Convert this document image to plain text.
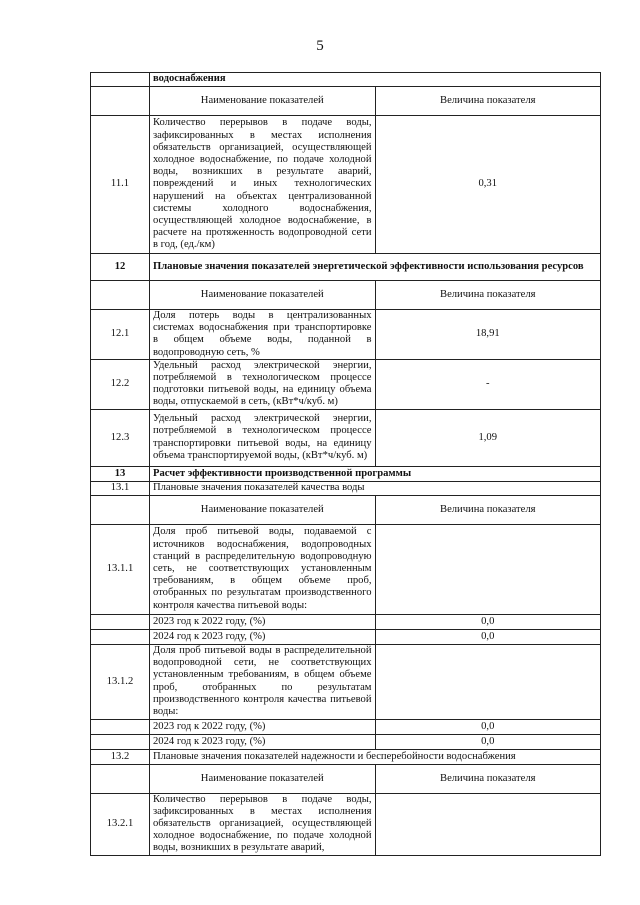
5
	водоснабжения	
	Наименование показателей	Величина показателя
11.1	Количество перерывов в подаче воды, зафиксированных в местах исполнения обязательств организацией, осуществляющей холодное водоснабжение, по подаче холодной воды, возникших в результате аварий, повреждений и иных технологических нарушений на объектах централизованной системы холодного водоснабжения, осуществляющей холодное водоснабжение, в расчете на протяженность водопроводной сети в год, (ед./км)	0,31
12	Плановые значения показателей энергетической эффективности использования ресурсов	
	Наименование показателей	Величина показателя
12.1	Доля потерь воды в централизованных системах водоснабжения при транспортировке в общем объеме воды, поданной в водопроводную сеть, %	18,91
12.2	Удельный расход электрической энергии, потребляемой в технологическом процессе подготовки питьевой воды, на единицу объема воды, отпускаемой в сеть, (кВт*ч/куб. м)	-
12.3	Удельный расход электрической энергии, потребляемой в технологическом процессе транспортировки питьевой воды, на единицу объема транспортируемой воды, (кВт*ч/куб. м)	1,09
13	Расчет эффективности производственной программы	
13.1	Плановые значения показателей качества воды	
	Наименование показателей	Величина показателя
13.1.1	Доля проб питьевой воды, подаваемой с источников водоснабжения, водопроводных станций в распределительную водопроводную сеть, не соответствующих установленным требованиям, в общем объеме проб, отобранных по результатам производственного контроля качества питьевой воды:	
	2023 год к 2022 году, (%)	0,0
	2024 год к 2023 году, (%)	0,0
13.1.2	Доля проб питьевой воды в распределительной водопроводной сети, не соответствующих установленным требованиям, в общем объеме проб, отобранных по результатам производственного контроля качества питьевой воды:	
	2023 год к 2022 году, (%)	0,0
	2024 год к 2023 году, (%)	0,0
13.2	Плановые значения показателей надежности и бесперебойности водоснабжения	
	Наименование показателей	Величина показателя
13.2.1	Количество перерывов в подаче воды, зафиксированных в местах исполнения обязательств организацией, осуществляющей холодное водоснабжение, по подаче холодной воды, возникших в результате аварий,	
